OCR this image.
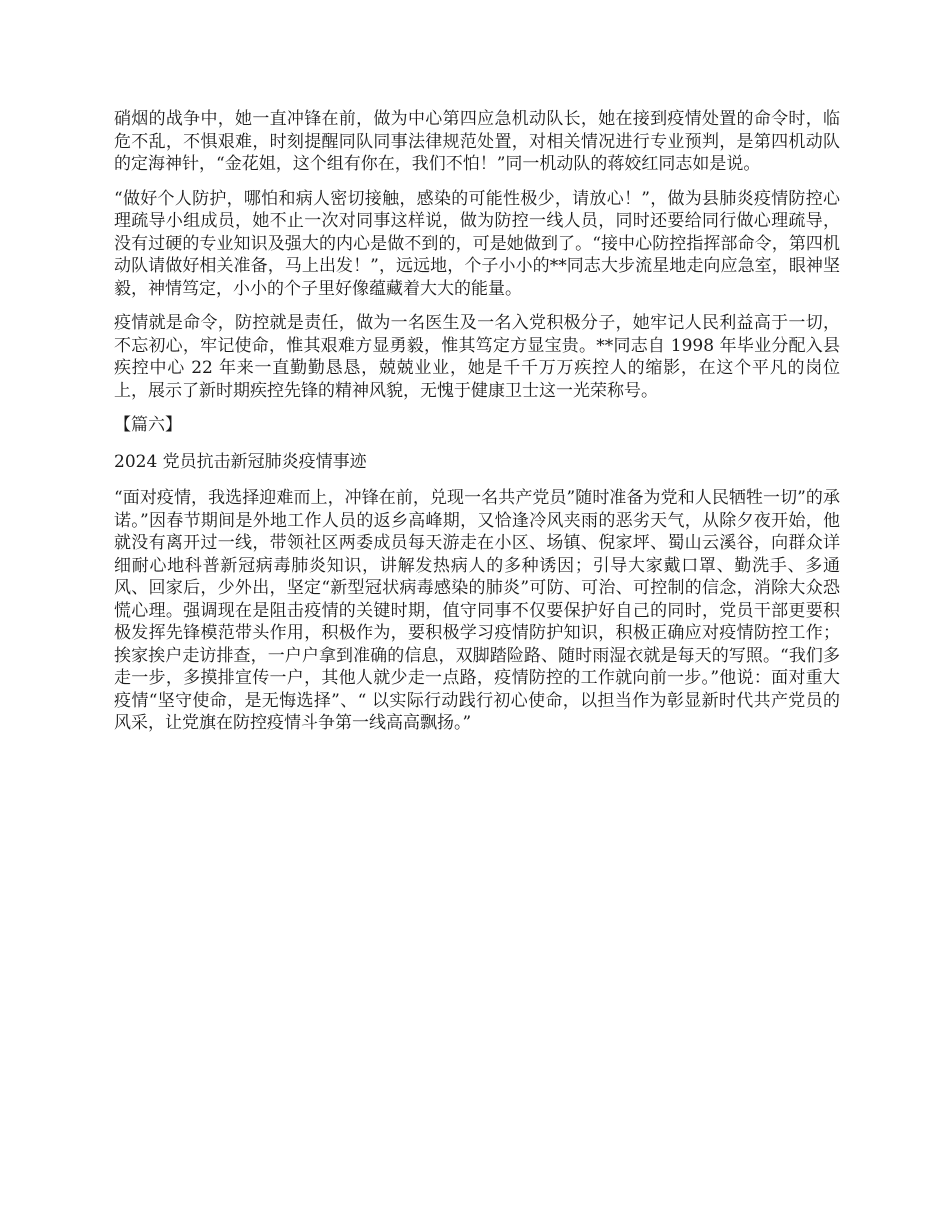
硝烟的战争中，她一直冲锋在前，做为中心第四应急机动队长，她在接到疫情处置的命令时，临危不乱，不惧艰难，时刻提醒同队同事法律规范处置，对相关情况进行专业预判，是第四机动队的定海神针，“金花姐，这个组有你在，我们不怕！”同一机动队的蒋姣红同志如是说。

“做好个人防护，哪怕和病人密切接触，感染的可能性极少，请放心！”，做为县肺炎疫情防控心理疏导小组成员，她不止一次对同事这样说，做为防控一线人员，同时还要给同行做心理疏导，没有过硬的专业知识及强大的内心是做不到的，可是她做到了。“接中心防控指挥部命令，第四机动队请做好相关准备，马上出发！”，远远地，个子小小的**同志大步流星地走向应急室，眼神坚毅，神情笃定，小小的个子里好像蕴藏着大大的能量。

疫情就是命令，防控就是责任，做为一名医生及一名入党积极分子，她牢记人民利益高于一切，不忘初心，牢记使命，惟其艰难方显勇毅，惟其笃定方显宝贵。**同志自 1998 年毕业分配入县疾控中心 22 年来一直勤勤恳恳，兢兢业业，她是千千万万疾控人的缩影，在这个平凡的岗位上，展示了新时期疾控先锋的精神风貌，无愧于健康卫士这一光荣称号。

【篇六】

2024 党员抗击新冠肺炎疫情事迹

“面对疫情，我选择迎难而上，冲锋在前，兑现一名共产党员”随时准备为党和人民牺牲一切”的承诺。”因春节期间是外地工作人员的返乡高峰期，又恰逢冷风夹雨的恶劣天气，从除夕夜开始，他就没有离开过一线，带领社区两委成员每天游走在小区、场镇、倪家坪、蜀山云溪谷，向群众详细耐心地科普新冠病毒肺炎知识，讲解发热病人的多种诱因；引导大家戴口罩、勤洗手、多通风、回家后，少外出，坚定“新型冠状病毒感染的肺炎”可防、可治、可控制的信念，消除大众恐慌心理。强调现在是阻击疫情的关键时期，值守同事不仅要保护好自己的同时，党员干部更要积极发挥先锋模范带头作用，积极作为，要积极学习疫情防护知识，积极正确应对疫情防控工作；      挨家挨户走访排查，一户户拿到准确的信息，双脚踏险路、随时雨湿衣就是每天的写照。“我们多走一步，多摸排宣传一户，其他人就少走一点路，疫情防控的工作就向前一步。”他说：面对重大疫情“坚守使命，是无悔选择”、“ 以实际行动践行初心使命，以担当作为彰显新时代共产党员的风采，让党旗在防控疫情斗争第一线高高飘扬。”
